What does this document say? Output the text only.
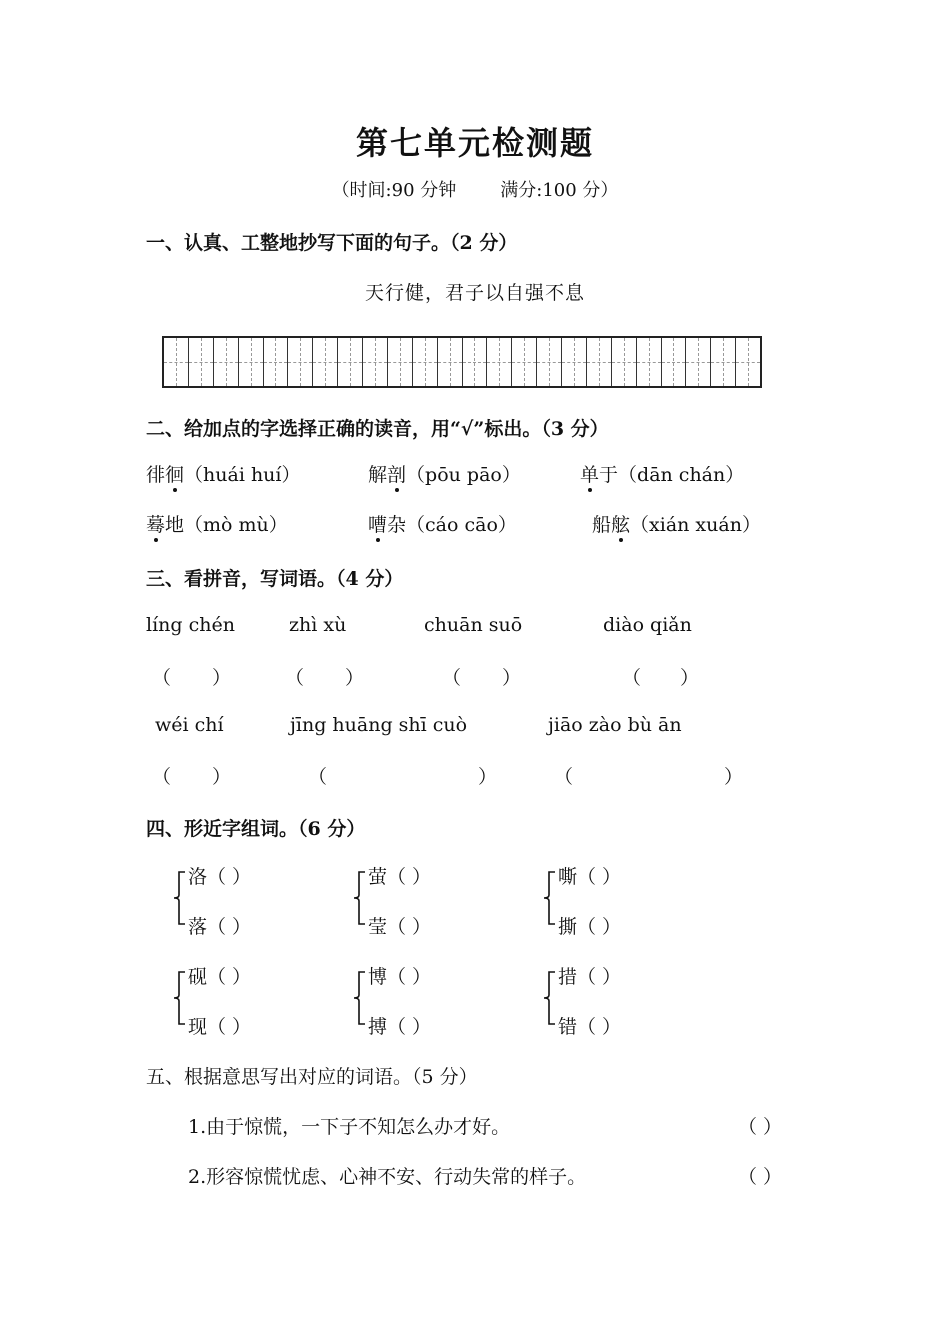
第七单元检测题
（时间:90 分钟 满分:100 分）
一、认真、工整地抄写下面的句子。（2 分）
天行健，君子以自强不息
二、给加点的字选择正确的读音，用“√”标出。（3 分）
徘徊（huái huí）	解剖（pōu pāo）	单于（dān chán）
蓦地（mò mù）	嘈杂（cáo cāo）	船舷（xián xuán）
三、看拼音，写词语。（4 分）
líng chén	zhì xù	chuān suō	diào qiǎn
（ ）	（ ）	（ ）	（ ）
wéi chí	jīng huāng shī cuò	jiāo zào bù ān
（ ）	（	）	（	）
四、形近字组词。（6 分）
洛（ ）
落（ ）
萤（ ）
莹（ ）
嘶（ ）
撕（ ）
砚（ ）
现（ ）
博（ ）
搏（ ）
措（ ）
错（ ）
五、根据意思写出对应的词语。（5 分）
1.由于惊慌，一下子不知怎么办才好。	（ ）
2.形容惊慌忧虑、心神不安、行动失常的样子。	（ ）
